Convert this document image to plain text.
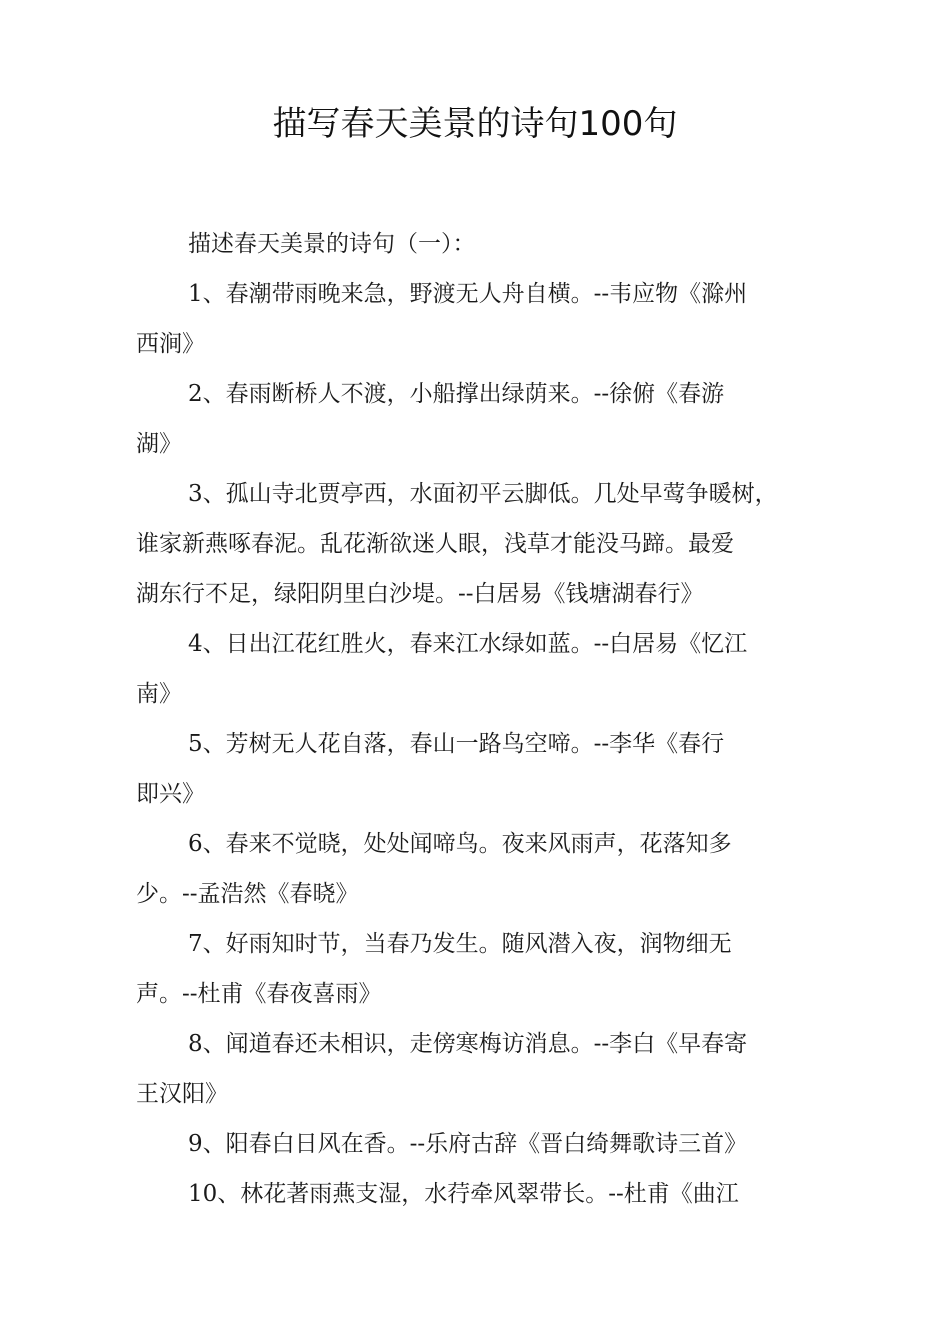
描写春天美景的诗句100句
描述春天美景的诗句（一）：
1、春潮带雨晚来急，野渡无人舟自横。--韦应物《滁州
西涧》
2、春雨断桥人不渡，小船撑出绿荫来。--徐俯《春游
湖》
3、孤山寺北贾亭西，水面初平云脚低。几处早莺争暖树，
谁家新燕啄春泥。乱花渐欲迷人眼，浅草才能没马蹄。最爱
湖东行不足，绿阳阴里白沙堤。--白居易《钱塘湖春行》
4、日出江花红胜火，春来江水绿如蓝。--白居易《忆江
南》
5、芳树无人花自落，春山一路鸟空啼。--李华《春行
即兴》
6、春来不觉晓，处处闻啼鸟。夜来风雨声，花落知多
少。--孟浩然《春晓》
7、好雨知时节，当春乃发生。随风潜入夜，润物细无
声。--杜甫《春夜喜雨》
8、闻道春还未相识，走傍寒梅访消息。--李白《早春寄
王汉阳》
9、阳春白日风在香。--乐府古辞《晋白绮舞歌诗三首》
10、林花著雨燕支湿，水荇牵风翠带长。--杜甫《曲江
